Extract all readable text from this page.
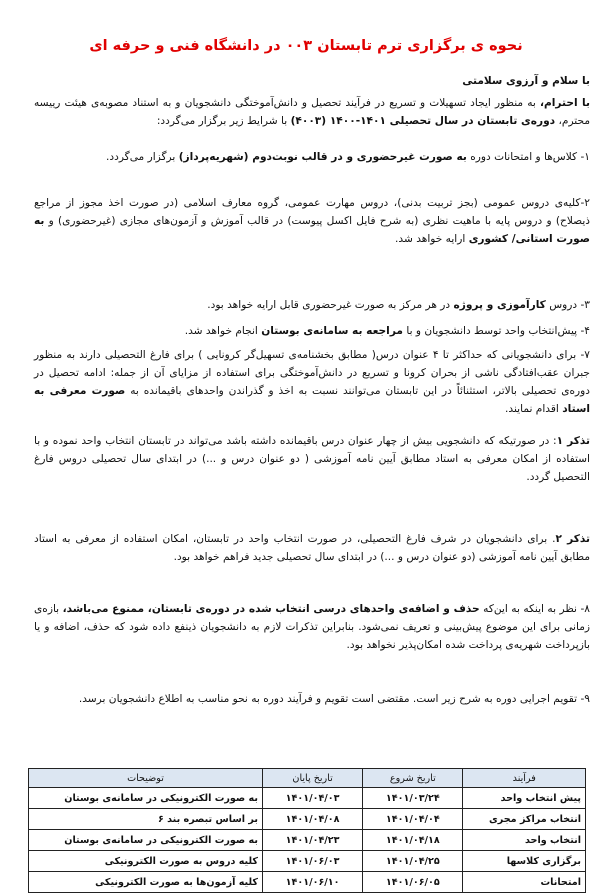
نحوه ی برگزاری ترم تابستان ۰۰۳ در دانشگاه فنی و حرفه ای
با سلام و آرزوی سلامتی
با احترام، به منظور ایجاد تسهیلات و تسریع در فرآیند تحصیل و دانش‌آموختگی دانشجویان و به استناد مصوبه‌ی هیئت رییسه محترم، دوره‌ی تابستان در سال تحصیلی ۱۴۰۱-۱۴۰۰ (۴۰۰۳) با شرایط زیر برگزار می‌گردد:
۱- کلاس‌ها و امتحانات دوره به صورت غیرحضوری و در قالب نوبت‌دوم (شهریه‌پرداز) برگزار می‌گردد.
۲-کلیه‌ی دروس عمومی (بجز تربیت بدنی)، دروس مهارت عمومی، گروه معارف اسلامی (در صورت اخذ مجوز از مراجع ذیصلاح) و دروس پایه با ماهیت نظری (به شرح فایل اکسل پیوست) در قالب آموزش و آزمون‌های مجازی (غیرحضوری) و به صورت استانی/ کشوری ارایه خواهد شد.
۳- دروس کارآموزی و پروژه در هر مرکز به صورت غیرحضوری قابل ارایه خواهد بود.
۴- پیش‌انتخاب واحد توسط دانشجویان و با مراجعه به سامانه‌ی بوستان انجام خواهد شد.
۷- برای دانشجویانی که حداکثر تا ۴ عنوان درس( مطابق بخشنامه‌ی تسهیل‌گر کرونایی ) برای فارغ التحصیلی دارند به منظور جبران عقب‌افتادگی ناشی از بحران کرونا و تسریع در دانش‌آموختگی برای استفاده از مزایای آن از جمله: ادامه تحصیل در دوره‌ی تحصیلی بالاتر، استثنائاً در این تابستان می‌توانند نسبت به اخذ و گذراندن واحدهای باقیمانده به صورت معرفی به استاد اقدام نمایند.
تذکر ۱: در صورتیکه که دانشجویی بیش از چهار عنوان درس باقیمانده داشته باشد می‌تواند در تابستان انتخاب واحد نموده و با استفاده از امکان معرفی به استاد مطابق آیین نامه آموزشی ( دو عنوان درس و ...) در ابتدای سال تحصیلی دروس فارغ التحصیل گردد.
تذکر ۲. برای دانشجویان در شرف فارغ التحصیلی، در صورت انتخاب واحد در تابستان، امکان استفاده از معرفی به استاد مطابق آیین نامه آموزشی (دو عنوان درس و ...) در ابتدای سال تحصیلی جدید فراهم خواهد بود.
۸- نظر به اینکه به این‌که حذف و اضافه‌ی واحدهای درسی انتخاب شده در دوره‌ی تابستان، ممنوع می‌باشد، بازه‌ی زمانی برای این موضوع پیش‌بینی و تعریف نمی‌شود. بنابراین تذکرات لازم به دانشجویان ذینفع داده شود که حذف، اضافه و یا بازپرداخت شهریه‌ی پرداخت شده امکان‌پذیر نخواهد بود.
۹- تقویم اجرایی دوره به شرح زیر است. مقتضی است تقویم و فرآیند دوره به نحو مناسب به اطلاع دانشجویان برسد.
فرآیند	تاریخ شروع	تاریخ پایان	توضیحات
پیش انتخاب واحد	۱۴۰۱/۰۳/۲۴	۱۴۰۱/۰۴/۰۳	به صورت الکترونیکی در سامانه‌ی بوستان
انتخاب مراکز مجری	۱۴۰۱/۰۴/۰۴	۱۴۰۱/۰۴/۰۸	بر اساس تبصره بند ۶
انتخاب واحد	۱۴۰۱/۰۴/۱۸	۱۴۰۱/۰۴/۲۳	به صورت الکترونیکی در سامانه‌ی بوستان
برگزاری کلاسها	۱۴۰۱/۰۴/۲۵	۱۴۰۱/۰۶/۰۳	کلیه دروس به صورت الکترونیکی
امتحانات	۱۴۰۱/۰۶/۰۵	۱۴۰۱/۰۶/۱۰	کلیه آزمون‌ها به صورت الکترونیکی
